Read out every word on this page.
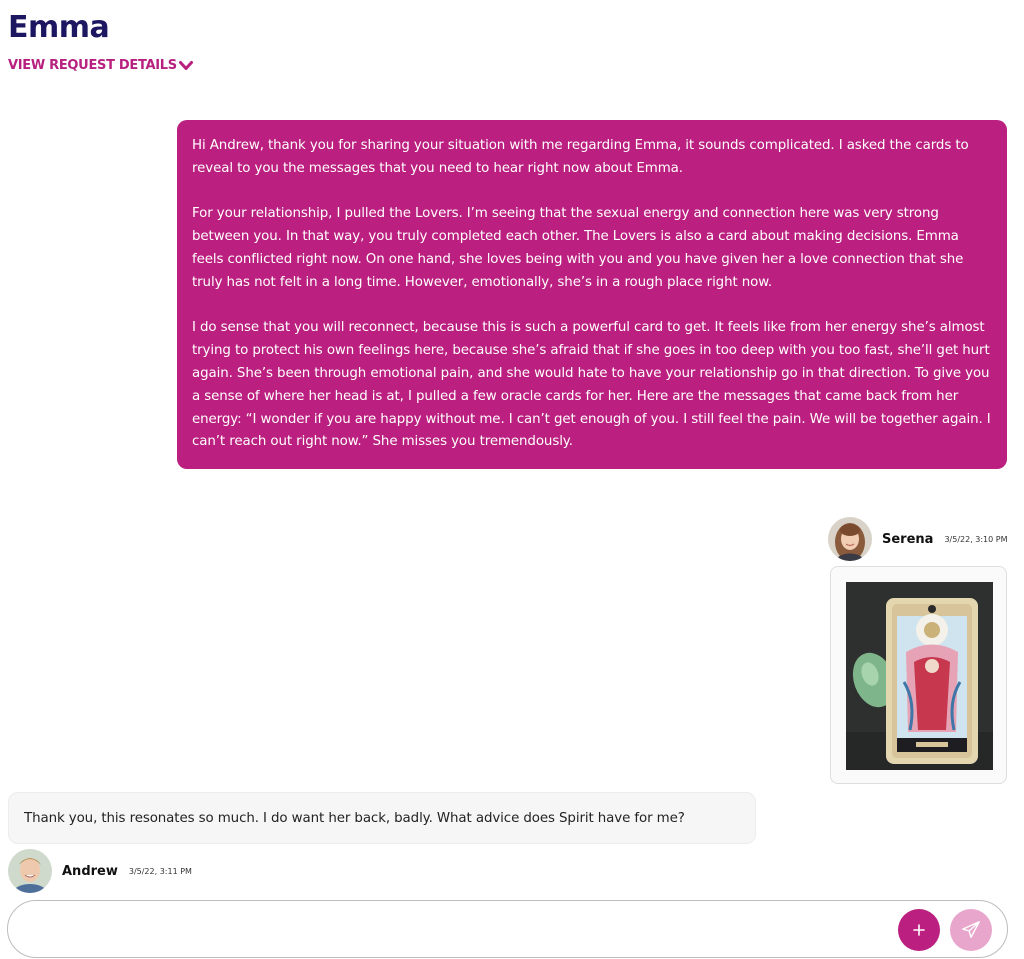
Emma
VIEW REQUEST DETAILS

Hi Andrew, thank you for sharing your situation with me regarding Emma, it sounds complicated. I asked the cards to reveal to you the messages that you need to hear right now about Emma.

For your relationship, I pulled the Lovers. I’m seeing that the sexual energy and connection here was very strong between you. In that way, you truly completed each other. The Lovers is also a card about making decisions. Emma feels conflicted right now. On one hand, she loves being with you and you have given her a love connection that she truly has not felt in a long time. However, emotionally, she’s in a rough place right now.

I do sense that you will reconnect, because this is such a powerful card to get. It feels like from her energy she’s almost trying to protect his own feelings here, because she’s afraid that if she goes in too deep with you too fast, she’ll get hurt again. She’s been through emotional pain, and she would hate to have your relationship go in that direction. To give you a sense of where her head is at, I pulled a few oracle cards for her. Here are the messages that came back from her energy: “I wonder if you are happy without me. I can’t get enough of you. I still feel the pain. We will be together again. I can’t reach out right now.” She misses you tremendously.

Serena 3/5/22, 3:10 PM
Thank you, this resonates so much. I do want her back, badly. What advice does Spirit have for me?
Andrew 3/5/22, 3:11 PM
